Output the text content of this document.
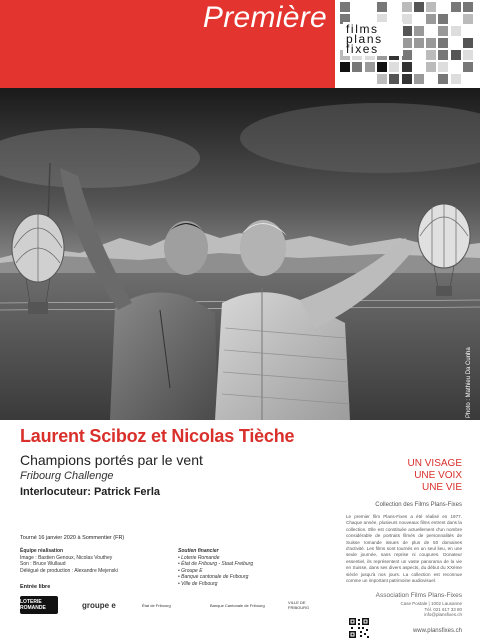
Première films
plans
fixes
Photo : Mathieu Da Cunha
Laurent Sciboz et Nicolas Tièche
Champions portés par le vent
Fribourg Challenge
Interlocuteur: Patrick Ferla
Tourné 16 janvier 2020 à Sommentier (FR)
Équipe réalisation
Image : Bastien Genoux, Nicolas Vouthey
Son : Bruce Wullaud
Délégué de production : Alexandre Mejenski
Soutien financier
• Loterie Romande
• État de Fribourg - Staat Freiburg
• Groupe E
• Banque cantonale de Fribourg
• Ville de Fribourg
Entrée libre
LOTERIE ROMANDE	groupe e	État de Fribourg	Banque Cantonale de Fribourg	VILLE DE FRIBOURG
UN VISAGE
UNE VOIX
UNE VIE
Collection des Films Plans-Fixes
Le premier film Plans-Fixes a été réalisé en 1977. Chaque année, plusieurs nouveaux films entrent dans la collection. Elle est constituée actuellement d'un nombre considérable de portraits filmés de personnalités de Suisse romande issues de plus de 50 domaines d'activité. Les films sont tournés en un seul lieu, en une seule journée, sans reprise ni coupures. Donateur essentiel, ils représentent un vaste panorama de la vie en Suisse, dans ses divers aspects, du début du XXème siècle jusqu'à nos jours. La collection est reconnue comme un important patrimoine audiovisuel.
Association Films Plans-Fixes
Case Postale | 1002 Lausanne
Tél. 021 617 33 80
info@plansfixes.ch
www.plansfixes.ch
